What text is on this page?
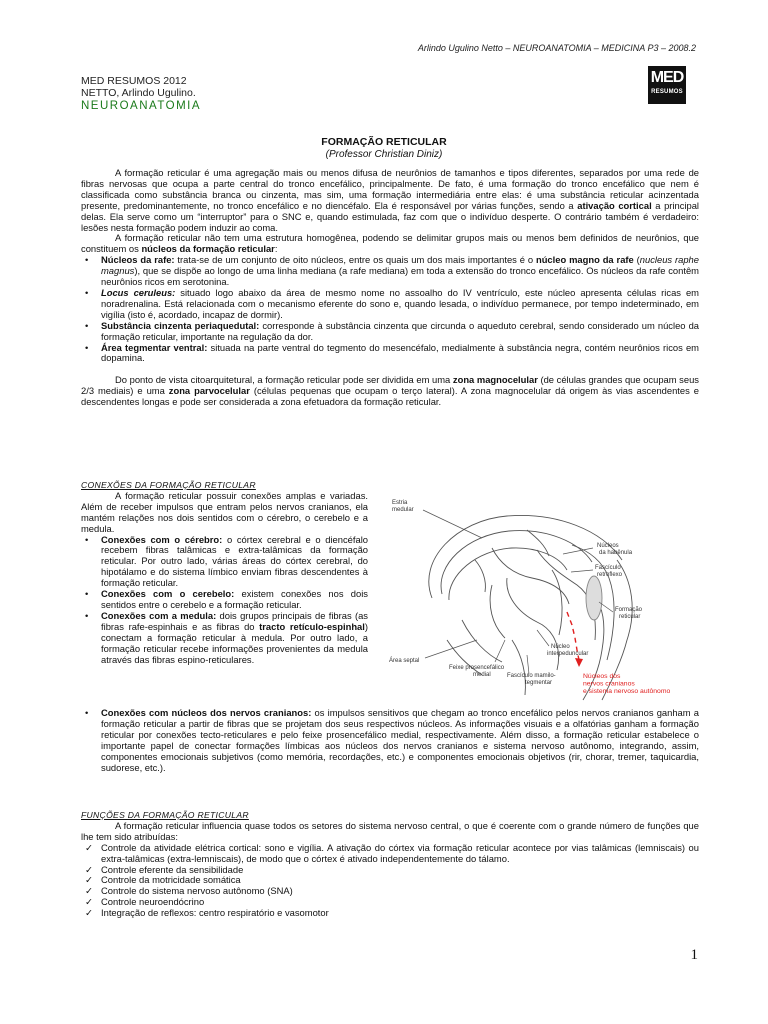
Arlindo Ugulino Netto – NEUROANATOMIA – MEDICINA P3 – 2008.2
MED RESUMOS 2012
NETTO, Arlindo Ugulino.
NEUROANATOMIA
MED
RESUMOS
FORMAÇÃO RETICULAR
(Professor Christian Diniz)

A formação reticular é uma agregação mais ou menos difusa de neurônios de tamanhos e tipos diferentes, separados por uma rede de fibras nervosas que ocupa a parte central do tronco encefálico, principalmente. De fato, é uma formação do tronco encefálico que nem é classificada como substância branca ou cinzenta, mas sim, uma formação intermediária entre elas: é uma substância reticular acinzentada presente, predominantemente, no tronco encefálico e no diencéfalo. Ela é responsável por várias funções, sendo a ativação cortical a principal delas. Ela serve como um “interruptor” para o SNC e, quando estimulada, faz com que o indivíduo desperte. O contrário também é verdadeiro: lesões nesta formação podem induzir ao coma.

A formação reticular não tem uma estrutura homogênea, podendo se delimitar grupos mais ou menos bem definidos de neurônios, que constituem os núcleos da formação reticular:

• Núcleos da rafe: trata-se de um conjunto de oito núcleos, entre os quais um dos mais importantes é o núcleo magno da rafe (nucleus raphe magnus), que se dispõe ao longo de uma linha mediana (a rafe mediana) em toda a extensão do tronco encefálico. Os núcleos da rafe contêm neurônios ricos em serotonina.
• Locus ceruleus: situado logo abaixo da área de mesmo nome no assoalho do IV ventrículo, este núcleo apresenta células ricas em noradrenalina. Está relacionada com o mecanismo eferente do sono e, quando lesada, o indivíduo permanece, por tempo indeterminado, em vigília (isto é, acordado, incapaz de dormir).
• Substância cinzenta periaquedutal: corresponde à substância cinzenta que circunda o aqueduto cerebral, sendo considerado um núcleo da formação reticular, importante na regulação da dor.
• Área tegmentar ventral: situada na parte ventral do tegmento do mesencéfalo, medialmente à substância negra, contém neurônios ricos em dopamina.

Do ponto de vista citoarquitetural, a formação reticular pode ser dividida em uma zona magnocelular (de células grandes que ocupam seus 2/3 mediais) e uma zona parvocelular (células pequenas que ocupam o terço lateral). A zona magnocelular dá origem às vias ascendentes e descendentes longas e pode ser considerada a zona efetuadora da formação reticular.

CONEXÕES DA FORMAÇÃO RETICULAR

A formação reticular possuir conexões amplas e variadas. Além de receber impulsos que entram pelos nervos cranianos, ela mantém relações nos dois sentidos com o cérebro, o cerebelo e a medula.

• Conexões com o cérebro: o córtex cerebral e o diencéfalo recebem fibras talâmicas e extra-talâmicas da formação reticular. Por outro lado, várias áreas do córtex cerebral, do hipotálamo e do sistema límbico enviam fibras descendentes à formação reticular.
• Conexões com o cerebelo: existem conexões nos dois sentidos entre o cerebelo e a formação reticular.
• Conexões com a medula: dois grupos principais de fibras (as fibras rafe-espinhais e as fibras do tracto retículo-espinhal) conectam a formação reticular à medula. Por outro lado, a formação reticular recebe informações provenientes da medula através das fibras espino-reticulares.
• Conexões com núcleos dos nervos cranianos: os impulsos sensitivos que chegam ao tronco encefálico pelos nervos cranianos ganham a formação reticular a partir de fibras que se projetam dos seus respectivos núcleos. As informações visuais e a olfatórias ganham a formação reticular por conexões tecto-reticulares e pelo feixe prosencefálico medial, respectivamente. Além disso, a formação reticular estabelece o importante papel de conectar formações límbicas aos núcleos dos nervos cranianos e sistema nervoso autônomo, integrando, assim, componentes emocionais subjetivos (como memória, recordações, etc.) e componentes emocionais objetivos (rir, chorar, tremer, taquicardia, sudorese, etc.).
Estria medular
Núcleos da habênula
Fascículo retroflexo
Formação reticular
Área septal
Núcleo interpeduncular
Feixe prosencefálico medial	Fascículo mamilo-tegmentar
Núcleos dos nervos cranianos e sistema nervoso autônomo
FUNÇÕES DA FORMAÇÃO RETICULAR

A formação reticular influencia quase todos os setores do sistema nervoso central, o que é coerente com o grande número de funções que lhe tem sido atribuídas:

✓ Controle da atividade elétrica cortical: sono e vigília. A ativação do córtex via formação reticular acontece por vias talâmicas (lemniscais) ou extra-talâmicas (extra-lemniscais), de modo que o córtex é ativado independentemente do tálamo.
✓ Controle eferente da sensibilidade
✓ Controle da motricidade somática
✓ Controle do sistema nervoso autônomo (SNA)
✓ Controle neuroendócrino
✓ Integração de reflexos: centro respiratório e vasomotor
1
